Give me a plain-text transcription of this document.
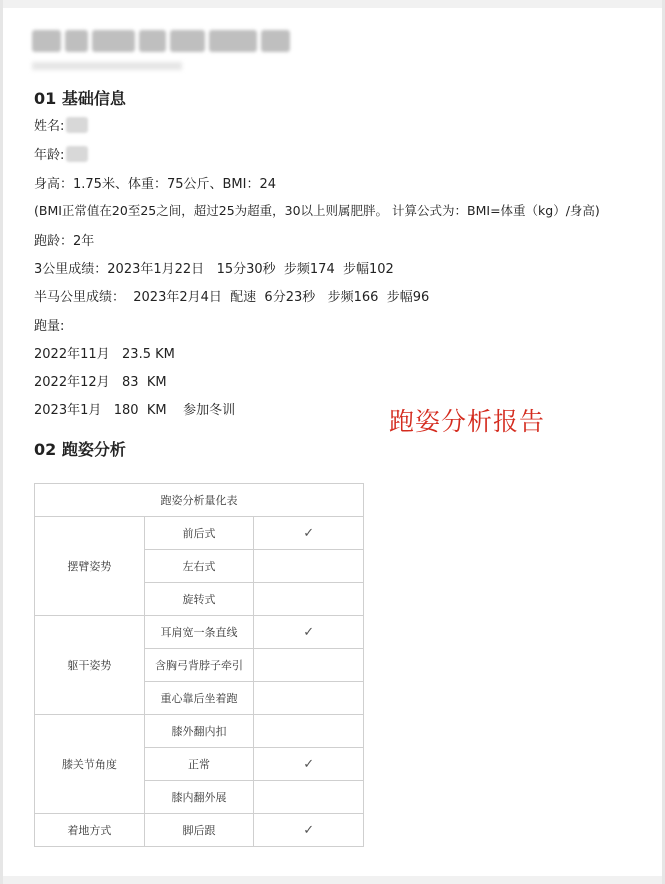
01 基础信息
姓名:
年龄:
身高：1.75米、体重：75公斤、BMI：24
(BMI正常值在20至25之间，超过25为超重，30以上则属肥胖。 计算公式为：BMI=体重（kg）/身高)
跑龄：2年
3公里成绩：2023年1月22日   15分30秒  步频174  步幅102
半马公里成绩：  2023年2月4日  配速  6分23秒   步频166  步幅96
跑量:
2022年11月   23.5 KM
2022年12月   83  KM
2023年1月   180  KM    参加冬训	跑姿分析报告
02 跑姿分析
跑姿分析量化表		
摆臂姿势	前后式	✓
	左右式	
	旋转式	
躯干姿势	耳肩宽一条直线	✓
	含胸弓背脖子牵引	
	重心靠后坐着跑	
膝关节角度	膝外翻内扣	
	正常	✓
	膝内翻外展	
着地方式	脚后跟	✓
